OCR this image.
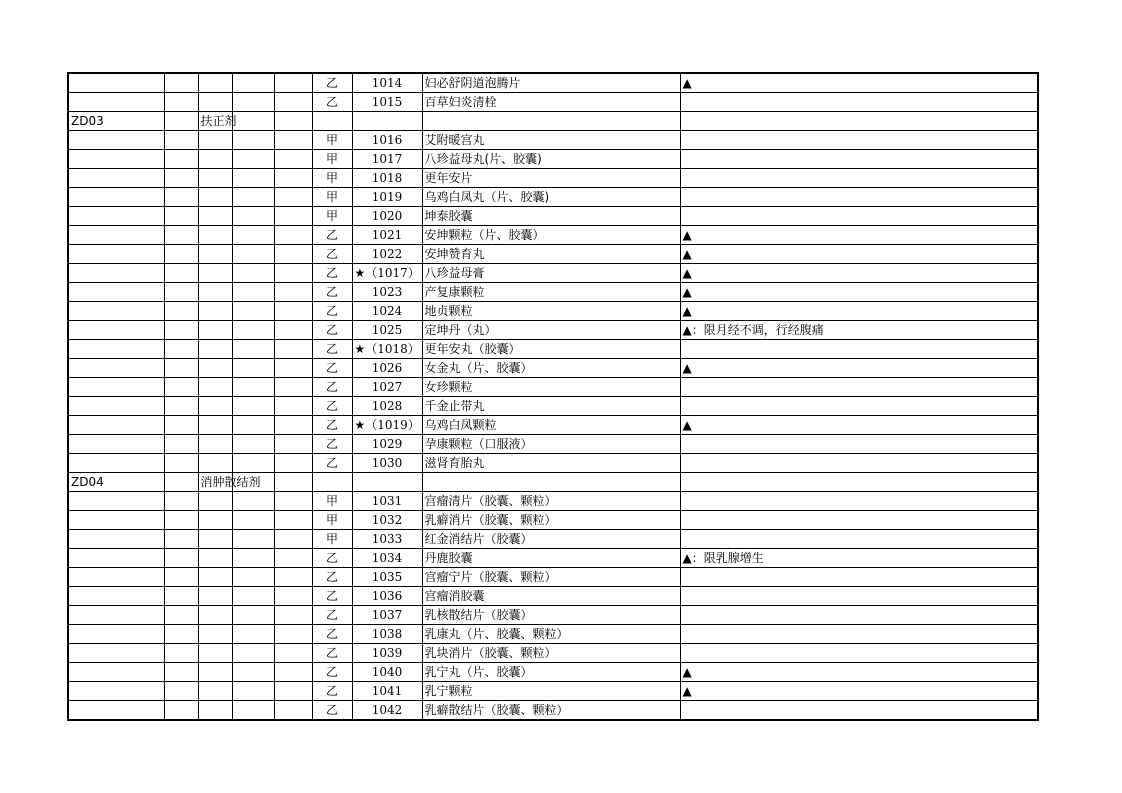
					乙	1014	妇必舒阴道泡腾片	▲
					乙	1015	百草妇炎清栓	
ZD03		扶正剂						
					甲	1016	艾附暖宫丸	
					甲	1017	八珍益母丸(片、胶囊)	
					甲	1018	更年安片	
					甲	1019	乌鸡白凤丸（片、胶囊)	
					甲	1020	坤泰胶囊	
					乙	1021	安坤颗粒（片、胶囊）	▲
					乙	1022	安坤赞育丸	▲
					乙	★（1017）	八珍益母膏	▲
					乙	1023	产复康颗粒	▲
					乙	1024	地贞颗粒	▲
					乙	1025	定坤丹（丸）	▲：限月经不调，行经腹痛
					乙	★（1018）	更年安丸（胶囊）	
					乙	1026	女金丸（片、胶囊）	▲
					乙	1027	女珍颗粒	
					乙	1028	千金止带丸	
					乙	★（1019）	乌鸡白凤颗粒	▲
					乙	1029	孕康颗粒（口服液）	
					乙	1030	滋肾育胎丸	
ZD04		消肿散结剂						
					甲	1031	宫瘤清片（胶囊、颗粒）	
					甲	1032	乳癖消片（胶囊、颗粒）	
					甲	1033	红金消结片（胶囊）	
					乙	1034	丹鹿胶囊	▲：限乳腺增生
					乙	1035	宫瘤宁片（胶囊、颗粒）	
					乙	1036	宫瘤消胶囊	
					乙	1037	乳核散结片（胶囊）	
					乙	1038	乳康丸（片、胶囊、颗粒）	
					乙	1039	乳块消片（胶囊、颗粒）	
					乙	1040	乳宁丸（片、胶囊）	▲
					乙	1041	乳宁颗粒	▲
					乙	1042	乳癖散结片（胶囊、颗粒）	
